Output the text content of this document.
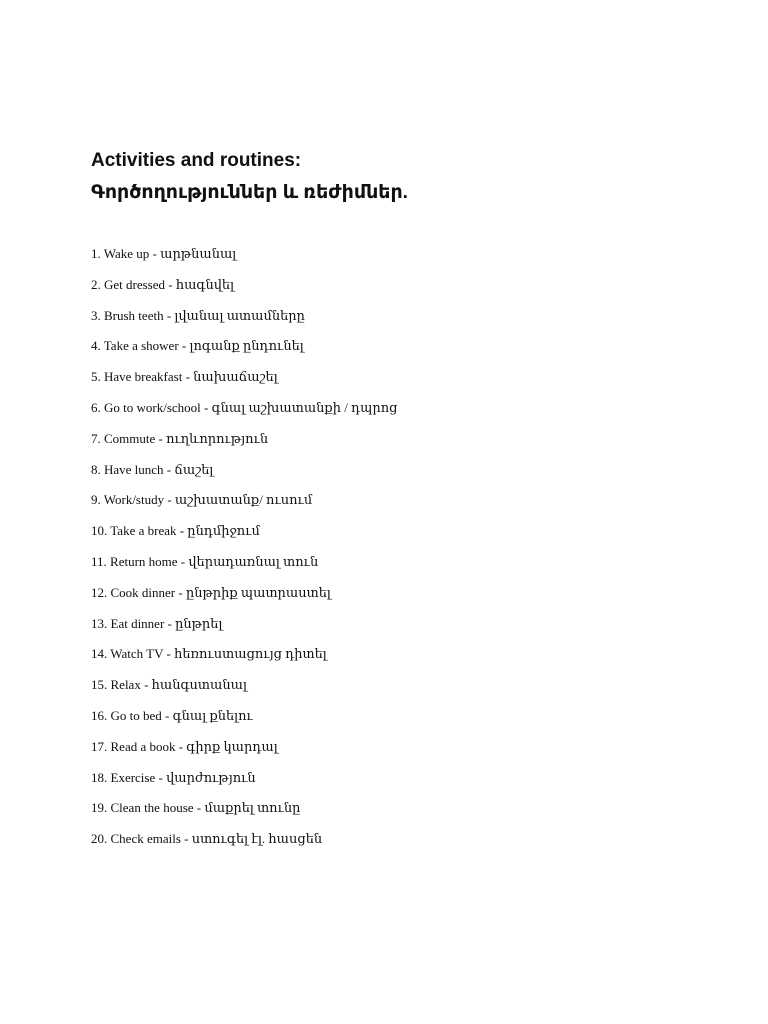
Activities and routines:
Գործողություններ և ռեժիմներ.
1. Wake up - արթնանալ
2. Get dressed - հագնվել
3. Brush teeth - լվանալ ատամները
4. Take a shower - լոգանք ընդունել
5. Have breakfast - նախաճաշել
6. Go to work/school - գնալ աշխատանքի / դպրոց
7. Commute - ուղևորություն
8. Have lunch - ճաշել
9. Work/study - աշխատանք/ ուսում
10. Take a break - ընդմիջում
11. Return home - վերադառնալ տուն
12. Cook dinner - ընթրիք պատրաստել
13. Eat dinner - ընթրել
14. Watch TV - հեռուստացույց դիտել
15. Relax - հանգստանալ
16. Go to bed - գնալ քնելու
17. Read a book - գիրք կարդալ
18. Exercise - վարժություն
19. Clean the house - մաքրել տունը
20. Check emails - ստուգել էլ. հասցեն
